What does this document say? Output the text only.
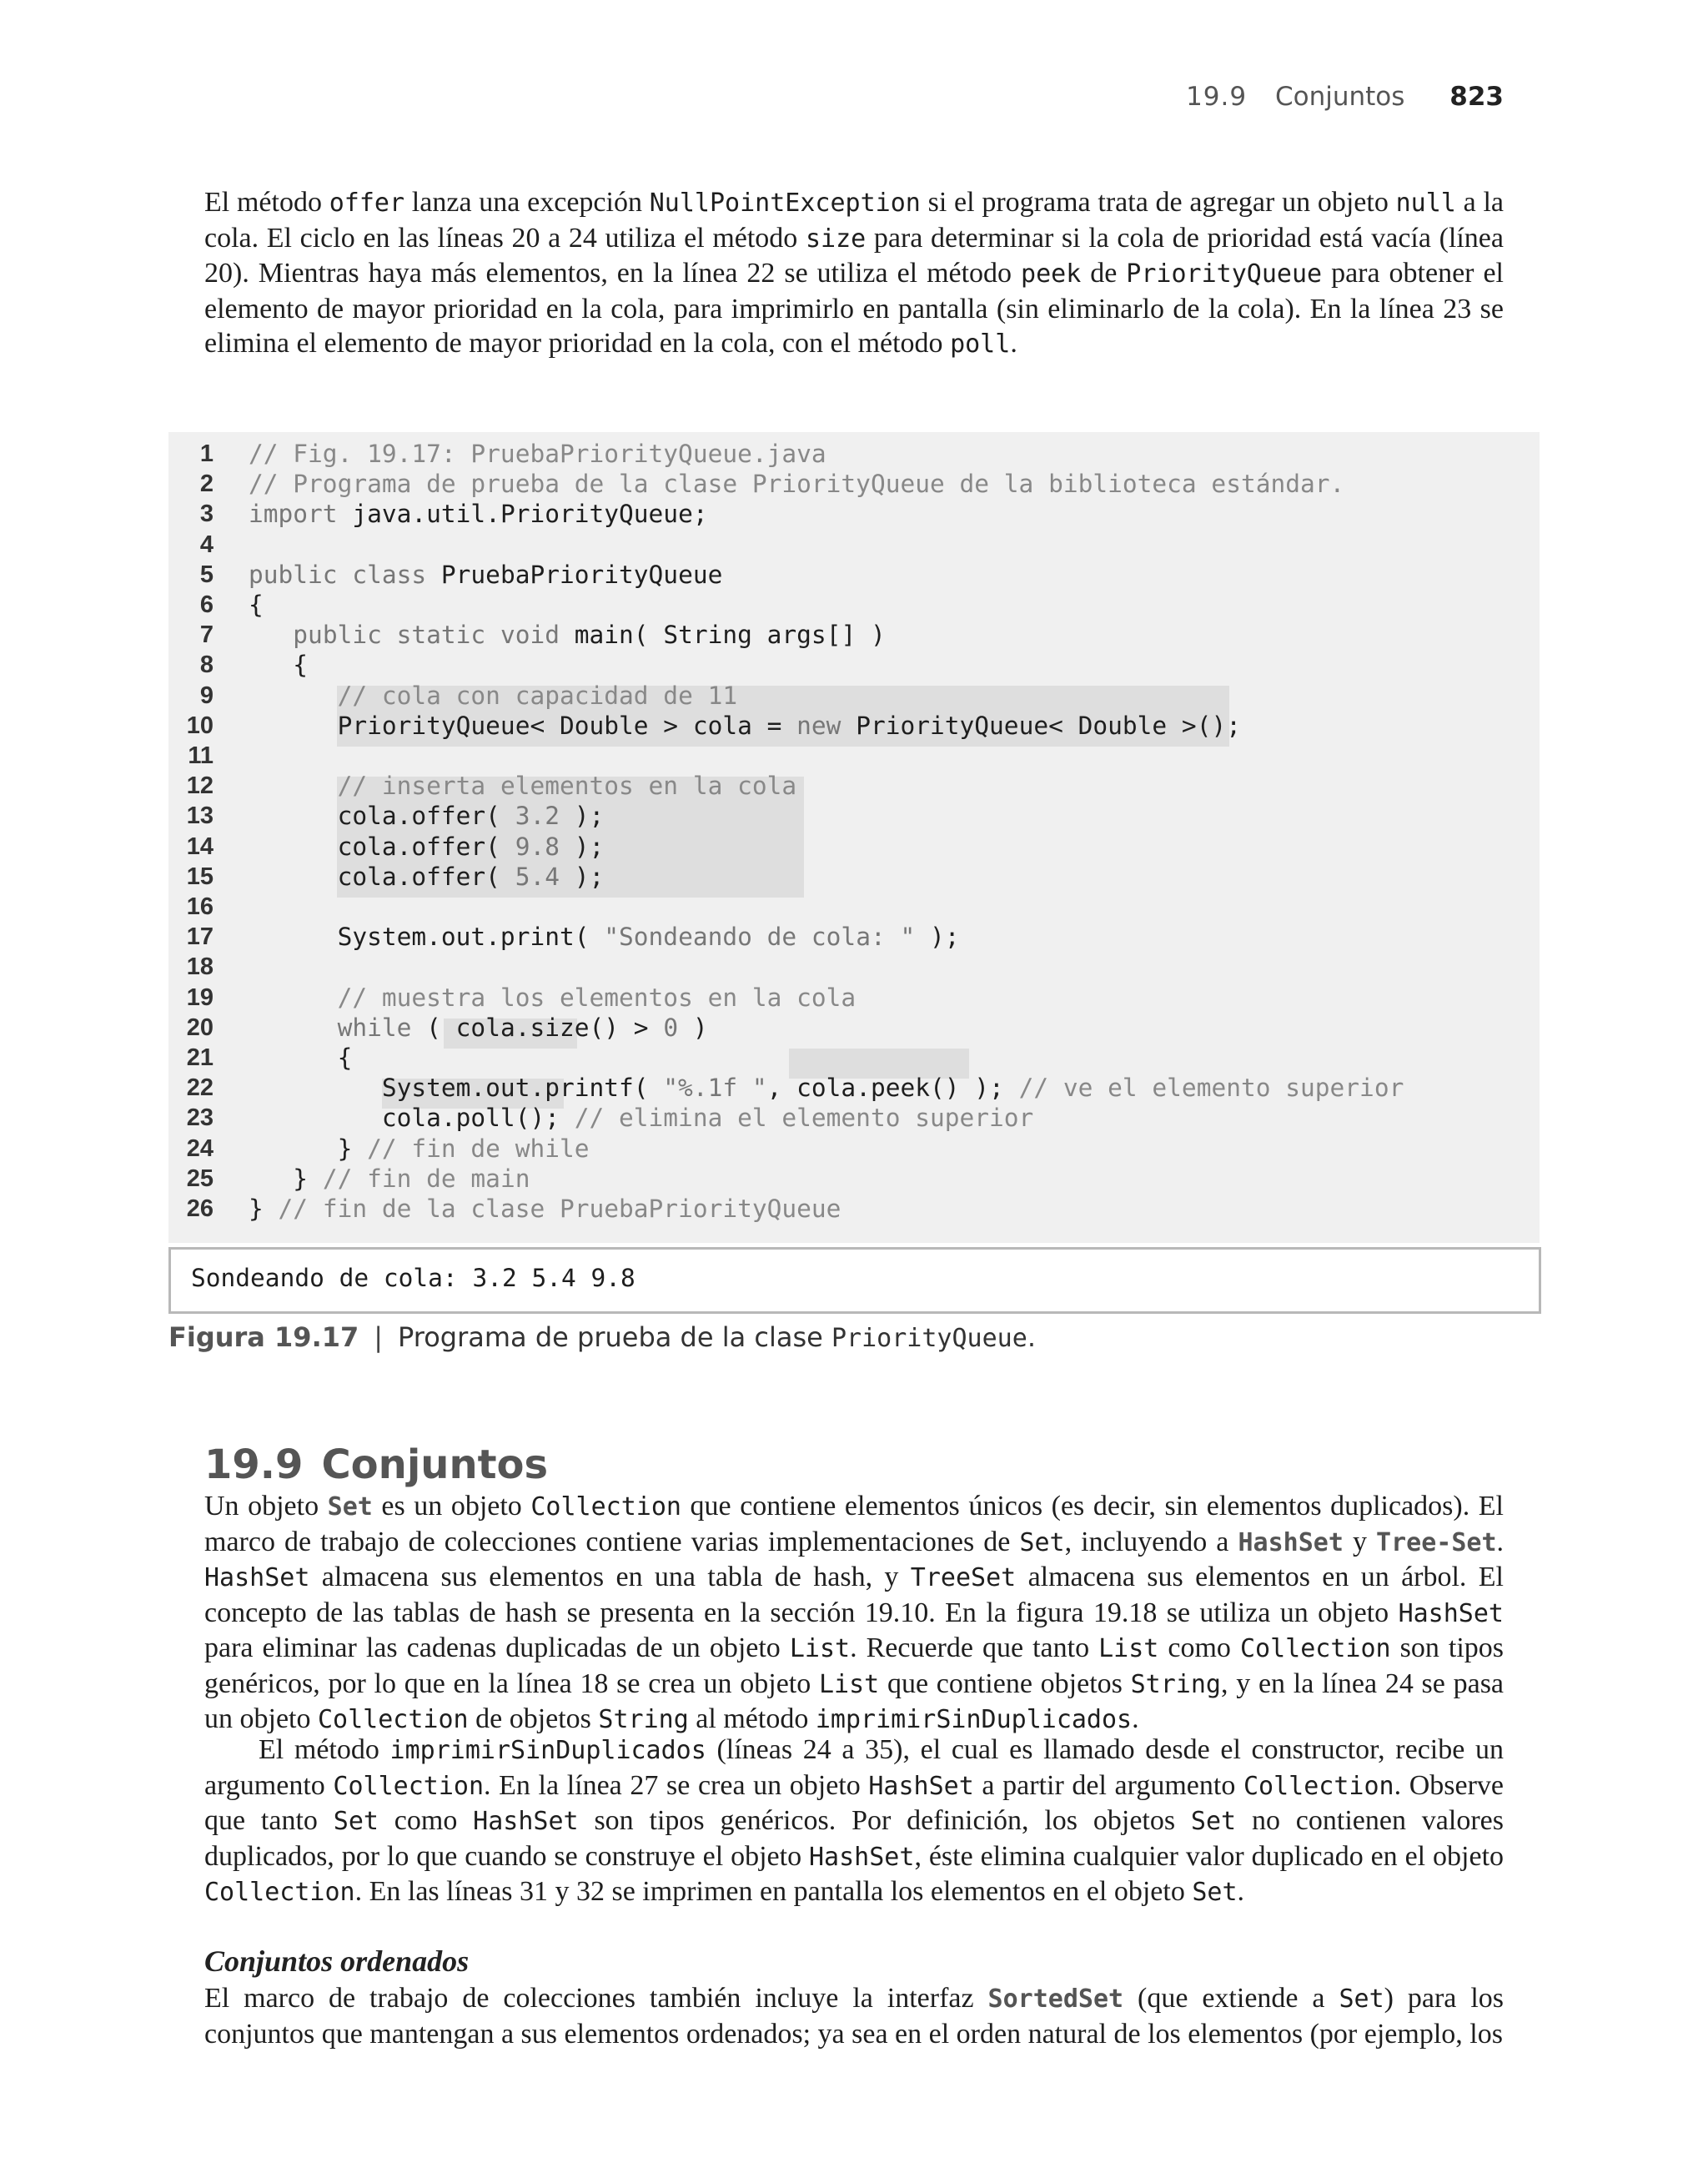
19.9 Conjuntos 823

El método offer lanza una excepción NullPointException si el programa trata de agregar un objeto null a la cola. El ciclo en las líneas 20 a 24 utiliza el método size para determinar si la cola de prioridad está vacía (línea 20). Mientras haya más elementos, en la línea 22 se utiliza el método peek de PriorityQueue para obtener el elemento de mayor prioridad en la cola, para imprimirlo en pantalla (sin eliminarlo de la cola). En la línea 23 se elimina el elemento de mayor prioridad en la cola, con el método poll.

1 // Fig. 19.17: PruebaPriorityQueue.java
2 // Programa de prueba de la clase PriorityQueue de la biblioteca estándar.
3 import java.util.PriorityQueue;
4
5 public class PruebaPriorityQueue
6 {
7	public static void main( String args[] )
8 {
9	// cola con capacidad de 11
10 PriorityQueue< Double > cola = new PriorityQueue< Double >();
11
12	// inserta elementos en la cola
13 cola.offer( 3.2 );
14 cola.offer( 9.8 );
15 cola.offer( 5.4 );
16
17 System.out.print( "Sondeando de cola: " );
18
19	// muestra los elementos en la cola
20	while ( cola.size() > 0 )
21 {
22 System.out.printf( "%.1f ", cola.peek() ); // ve el elemento superior
23 cola.poll(); // elimina el elemento superior
24 } // fin de while
25 } // fin de main
26 } // fin de la clase PruebaPriorityQueue
Sondeando de cola: 3.2 5.4 9.8
Figura 19.17 | Programa de prueba de la clase PriorityQueue.
19.9 Conjuntos

Un objeto Set es un objeto Collection que contiene elementos únicos (es decir, sin elementos duplicados). El marco de trabajo de colecciones contiene varias implementaciones de Set, incluyendo a HashSet y Tree-Set. HashSet almacena sus elementos en una tabla de hash, y TreeSet almacena sus elementos en un árbol. El concepto de las tablas de hash se presenta en la sección 19.10. En la figura 19.18 se utiliza un objeto HashSet para eliminar las cadenas duplicadas de un objeto List. Recuerde que tanto List como Collection son tipos genéricos, por lo que en la línea 18 se crea un objeto List que contiene objetos String, y en la línea 24 se pasa un objeto Collection de objetos String al método imprimirSinDuplicados.

El método imprimirSinDuplicados (líneas 24 a 35), el cual es llamado desde el constructor, recibe un argumento Collection. En la línea 27 se crea un objeto HashSet a partir del argumento Collection. Observe que tanto Set como HashSet son tipos genéricos. Por definición, los objetos Set no contienen valores duplicados, por lo que cuando se construye el objeto HashSet, éste elimina cualquier valor duplicado en el objeto Collection. En las líneas 31 y 32 se imprimen en pantalla los elementos en el objeto Set.

Conjuntos ordenados

El marco de trabajo de colecciones también incluye la interfaz SortedSet (que extiende a Set) para los conjuntos que mantengan a sus elementos ordenados; ya sea en el orden natural de los elementos (por ejemplo, los
